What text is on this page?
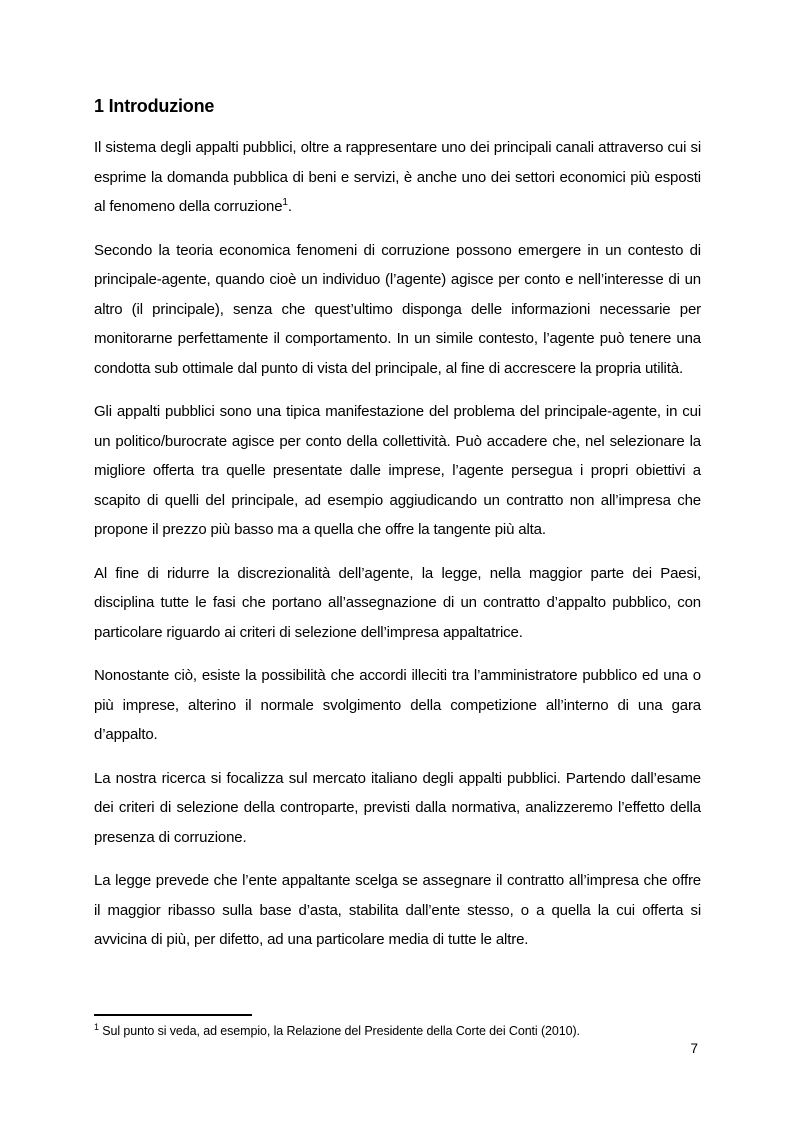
1 Introduzione

Il sistema degli appalti pubblici, oltre a rappresentare uno dei principali canali attraverso cui si esprime la domanda pubblica di beni e servizi, è anche uno dei settori economici più esposti al fenomeno della corruzione$^1$.

Secondo la teoria economica fenomeni di corruzione possono emergere in un contesto di principale-agente, quando cioè un individuo (l’agente) agisce per conto e nell’interesse di un altro (il principale), senza che quest’ultimo disponga delle informazioni necessarie per monitorarne perfettamente il comportamento. In un simile contesto, l’agente può tenere una condotta sub ottimale dal punto di vista del principale, al fine di accrescere la propria utilità.

Gli appalti pubblici sono una tipica manifestazione del problema del principale-agente, in cui un politico/burocrate agisce per conto della collettività. Può accadere che, nel selezionare la migliore offerta tra quelle presentate dalle imprese, l’agente persegua i propri obiettivi a scapito di quelli del principale, ad esempio aggiudicando un contratto non all’impresa che propone il prezzo più basso ma a quella che offre la tangente più alta.

Al fine di ridurre la discrezionalità dell’agente, la legge, nella maggior parte dei Paesi, disciplina tutte le fasi che portano all’assegnazione di un contratto d’appalto pubblico, con particolare riguardo ai criteri di selezione dell’impresa appaltatrice.

Nonostante ciò, esiste la possibilità che accordi illeciti tra l’amministratore pubblico ed una o più imprese, alterino il normale svolgimento della competizione all’interno di una gara d’appalto.

La nostra ricerca si focalizza sul mercato italiano degli appalti pubblici. Partendo dall’esame dei criteri di selezione della controparte, previsti dalla normativa, analizzeremo l’effetto della presenza di corruzione.

La legge prevede che l’ente appaltante scelga se assegnare il contratto all’impresa che offre il maggior ribasso sulla base d’asta, stabilita dall’ente stesso, o a quella la cui offerta si avvicina di più, per difetto, ad una particolare media di tutte le altre.

$^1$ Sul punto si veda, ad esempio, la Relazione del Presidente della Corte dei Conti (2010).

7
